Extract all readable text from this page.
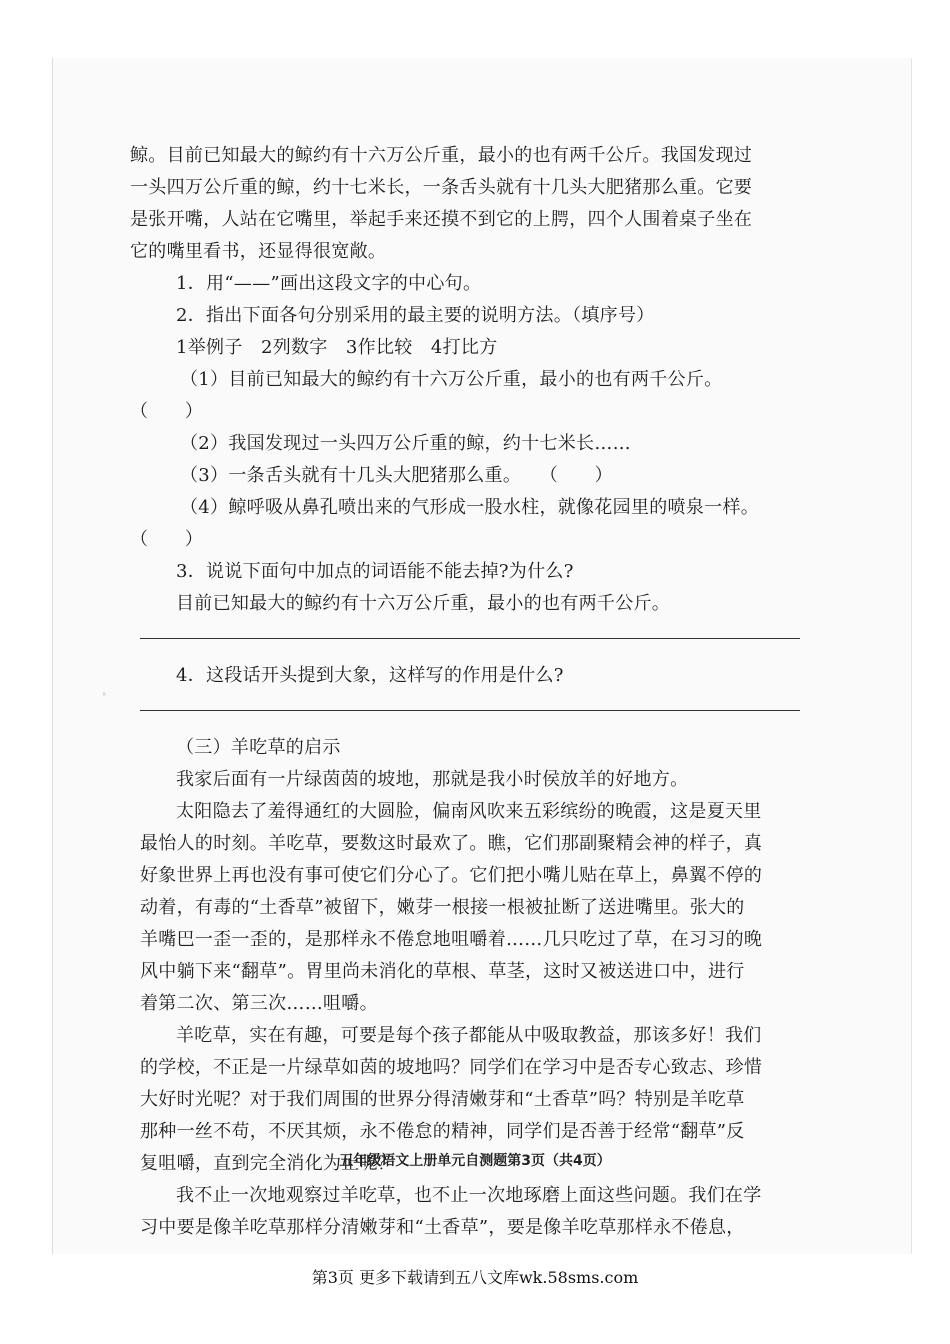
·
鲸。目前已知最大的鲸约有十六万公斤重，最小的也有两千公斤。我国发现过
一头四万公斤重的鲸，约十七米长，一条舌头就有十几头大肥猪那么重。它要
是张开嘴，人站在它嘴里，举起手来还摸不到它的上腭，四个人围着桌子坐在
它的嘴里看书，还显得很宽敞。
1．用“——”画出这段文字的中心句。
2．指出下面各句分别采用的最主要的说明方法。（填序号）
1举例子　2列数字　3作比较　4打比方
（1）目前已知最大的鲸约有十六万公斤重，最小的也有两千公斤。
（　　）
（2）我国发现过一头四万公斤重的鲸，约十七米长……
（3）一条舌头就有十几头大肥猪那么重。　　（　　）
（4）鲸呼吸从鼻孔喷出来的气形成一股水柱，就像花园里的喷泉一样。
（　　）
3．说说下面句中加点的词语能不能去掉?为什么?
目前已知最大的鲸约有十六万公斤重，最小的也有两千公斤。
4．这段话开头提到大象，这样写的作用是什么?
（三）羊吃草的启示
我家后面有一片绿茵茵的坡地，那就是我小时侯放羊的好地方。
太阳隐去了羞得通红的大圆脸，偏南风吹来五彩缤纷的晚霞，这是夏天里
最怡人的时刻。羊吃草，要数这时最欢了。瞧，它们那副聚精会神的样子，真
好象世界上再也没有事可使它们分心了。它们把小嘴儿贴在草上，鼻翼不停的
动着，有毒的“土香草”被留下，嫩芽一根接一根被扯断了送进嘴里。张大的
羊嘴巴一歪一歪的，是那样永不倦怠地咀嚼着……几只吃过了草，在习习的晚
风中躺下来“翻草”。胃里尚未消化的草根、草茎，这时又被送进口中，进行
着第二次、第三次……咀嚼。
羊吃草，实在有趣，可要是每个孩子都能从中吸取教益，那该多好！我们
的学校，不正是一片绿草如茵的坡地吗？同学们在学习中是否专心致志、珍惜
大好时光呢？对于我们周围的世界分得清嫩芽和“土香草”吗？特别是羊吃草
那种一丝不苟，不厌其烦，永不倦怠的精神，同学们是否善于经常“翻草”反
复咀嚼，直到完全消化为止呢？
我不止一次地观察过羊吃草，也不止一次地琢磨上面这些问题。我们在学
习中要是像羊吃草那样分清嫩芽和“土香草”，要是像羊吃草那样永不倦息，
五年级语文上册单元自测题第3页（共4页）
第3页 更多下载请到五八文库wk.58sms.com
